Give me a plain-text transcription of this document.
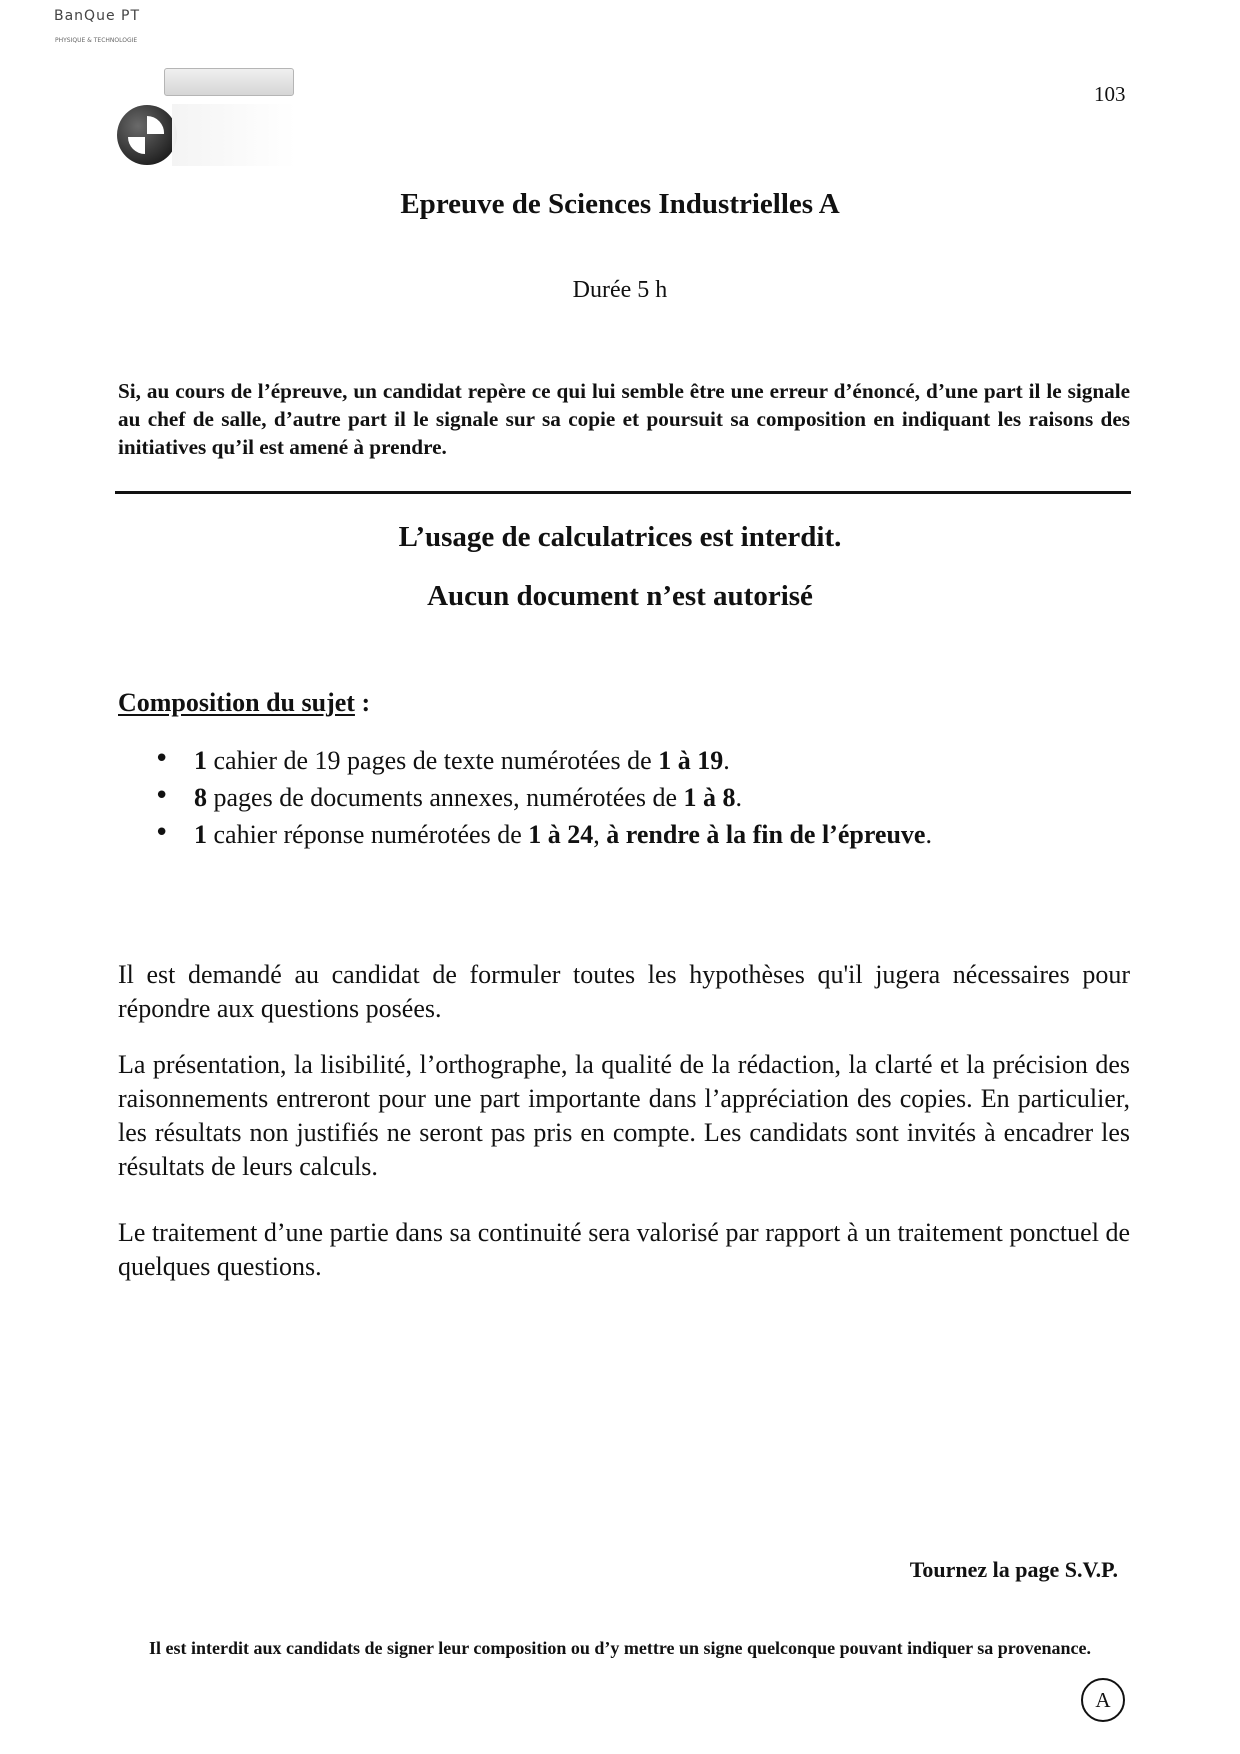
BanQue PT
PHYSIQUE & TECHNOLOGIE
103
Epreuve de Sciences Industrielles A
Durée 5 h
Si, au cours de l’épreuve, un candidat repère ce qui lui semble être une erreur d’énoncé, d’une part il le signale au chef de salle, d’autre part il le signale sur sa copie et poursuit sa composition en indiquant les raisons des initiatives qu’il est amené à prendre.
L’usage de calculatrices est interdit.
Aucun document n’est autorisé
Composition du sujet :
• 1 cahier de 19 pages de texte numérotées de 1 à 19.
• 8 pages de documents annexes, numérotées de 1 à 8.
• 1 cahier réponse numérotées de 1 à 24, à rendre à la fin de l’épreuve.
Il est demandé au candidat de formuler toutes les hypothèses qu'il jugera nécessaires pour répondre aux questions posées.
La présentation, la lisibilité, l’orthographe, la qualité de la rédaction, la clarté et la précision des raisonnements entreront pour une part importante dans l’appréciation des copies. En particulier, les résultats non justifiés ne seront pas pris en compte. Les candidats sont invités à encadrer les résultats de leurs calculs.
Le traitement d’une partie dans sa continuité sera valorisé par rapport à un traitement ponctuel de quelques questions.
Tournez la page S.V.P.
Il est interdit aux candidats de signer leur composition ou d’y mettre un signe quelconque pouvant indiquer sa provenance.
A
